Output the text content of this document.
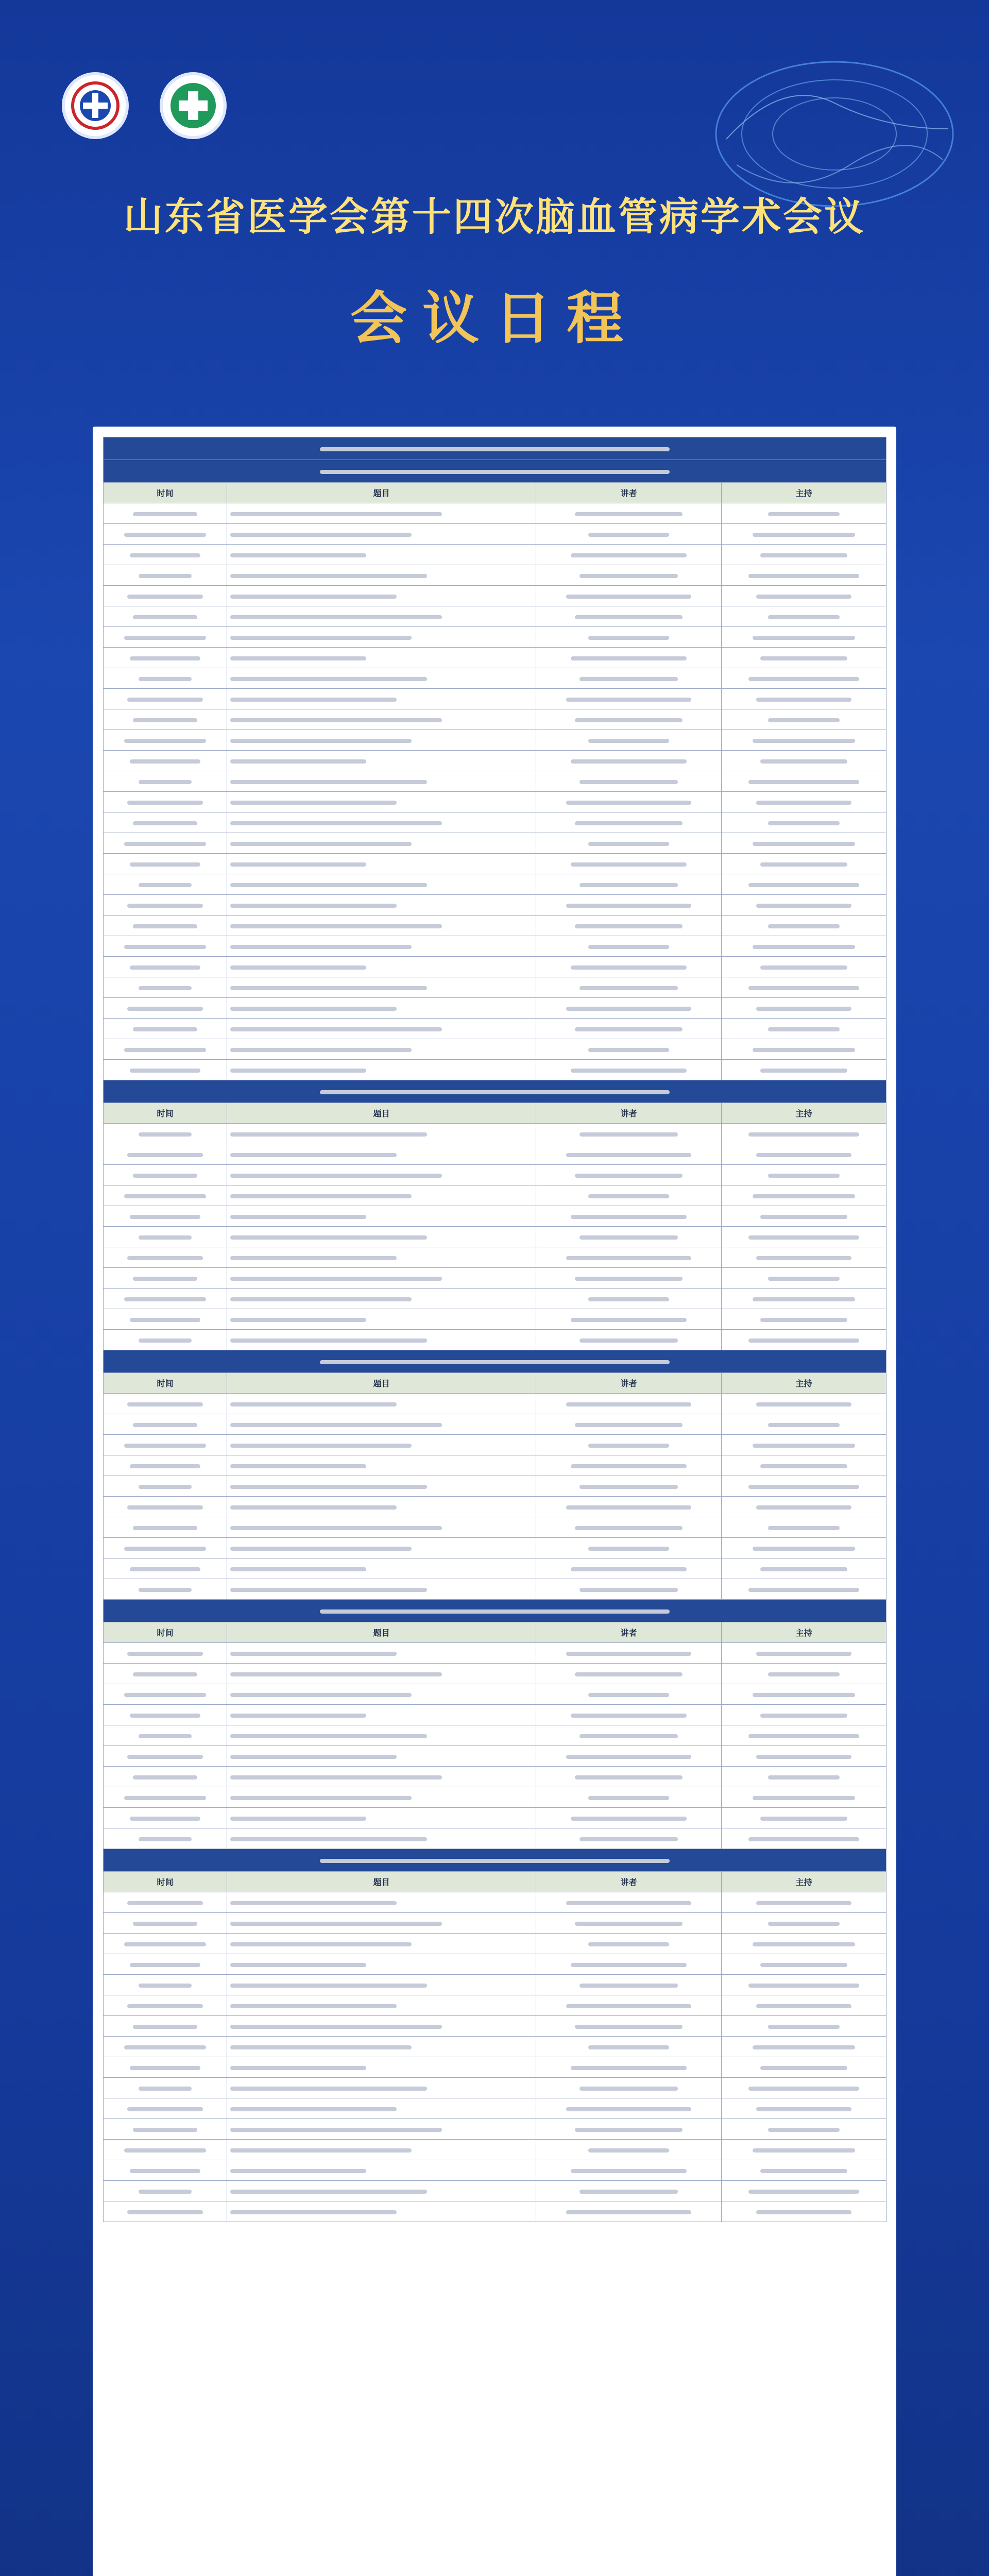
山东省医学会第十四次脑血管病学术会议
会议日程

时间	题目	讲者	主持

时间	题目	讲者	主持

时间	题目	讲者	主持

时间	题目	讲者	主持

时间	题目	讲者	主持
